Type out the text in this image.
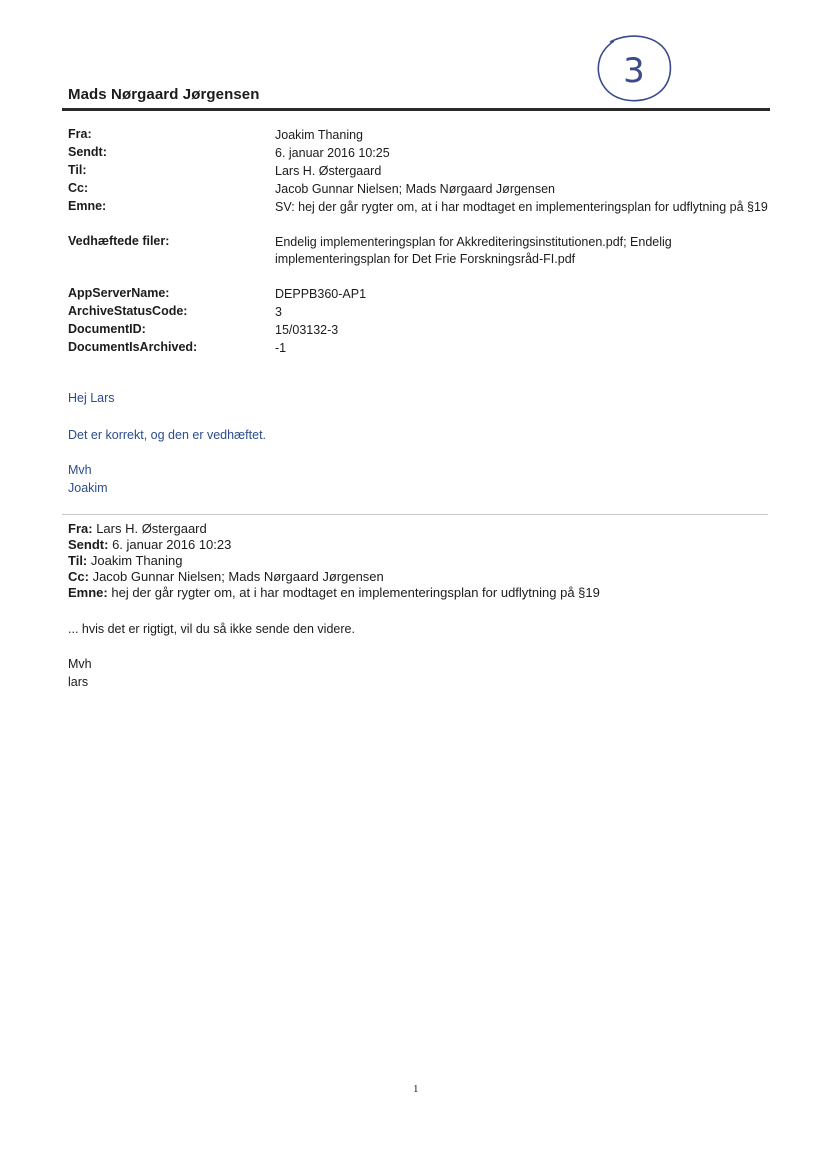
Mads Nørgaard Jørgensen
3
Fra:	Joakim Thaning
Sendt:	6. januar 2016 10:25
Til:	Lars H. Østergaard
Cc:	Jacob Gunnar Nielsen; Mads Nørgaard Jørgensen
Emne:	SV: hej der går rygter om, at i har modtaget en implementeringsplan for udflytning på §19
Vedhæftede filer:	Endelig implementeringsplan for Akkrediteringsinstitutionen.pdf; Endelig implementeringsplan for Det Frie Forskningsråd-FI.pdf
AppServerName:	DEPPB360-AP1
ArchiveStatusCode:	3
DocumentID:	15/03132-3
DocumentIsArchived:	-1
Hej Lars
Det er korrekt, og den er vedhæftet.
Mvh
Joakim
Fra: Lars H. Østergaard
Sendt: 6. januar 2016 10:23
Til: Joakim Thaning
Cc: Jacob Gunnar Nielsen; Mads Nørgaard Jørgensen
Emne: hej der går rygter om, at i har modtaget en implementeringsplan for udflytning på §19
... hvis det er rigtigt, vil du så ikke sende den videre.
Mvh
lars
1
